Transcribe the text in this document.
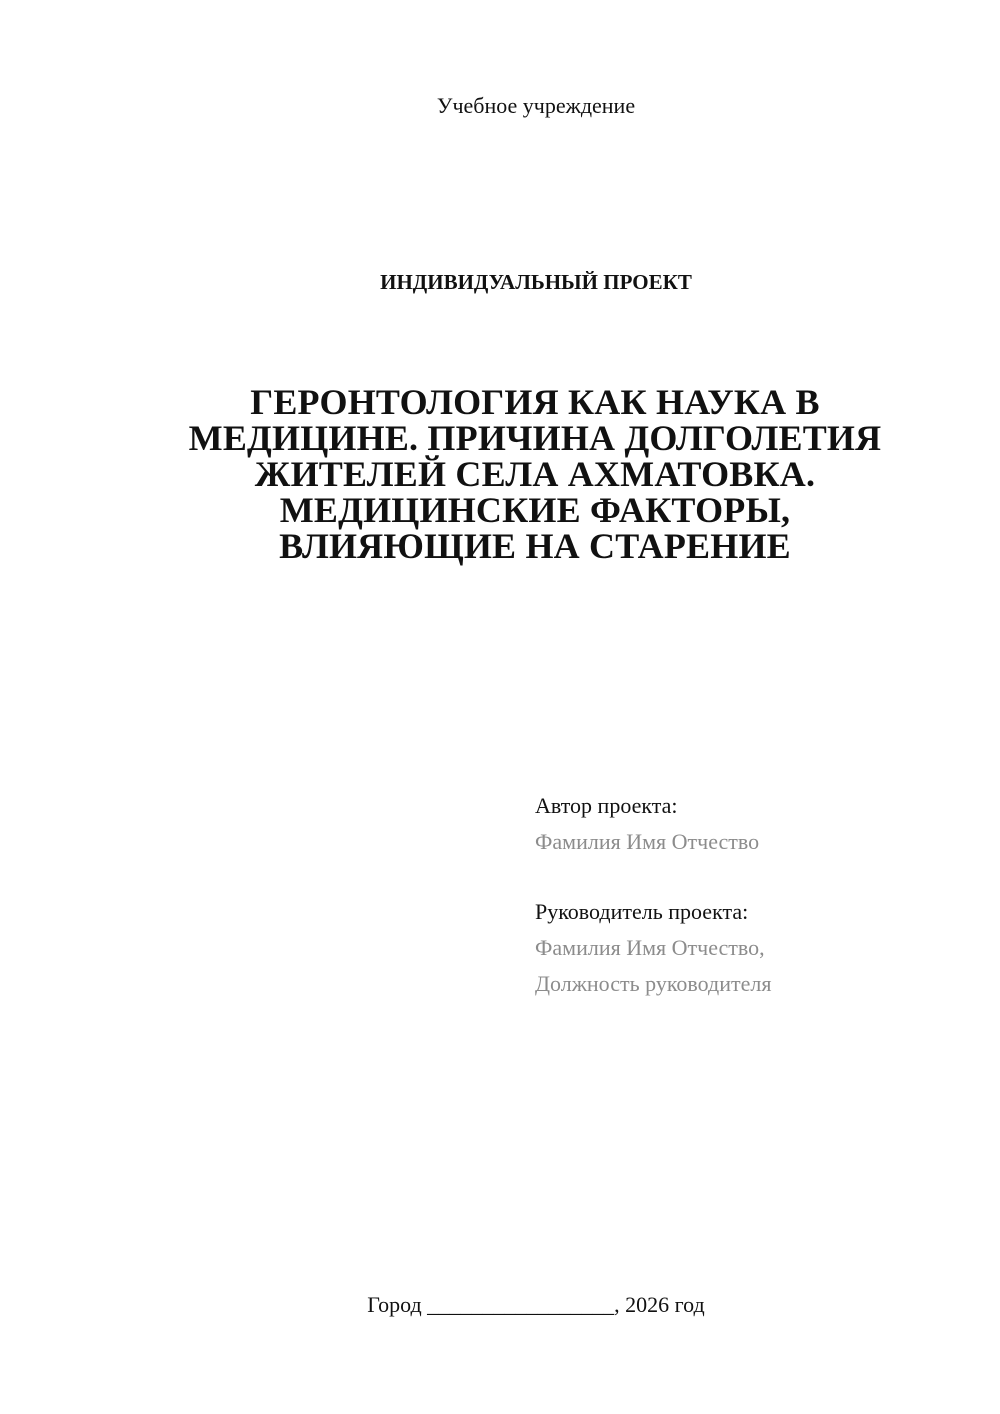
Учебное учреждение
ИНДИВИДУАЛЬНЫЙ ПРОЕКТ
ГЕРОНТОЛОГИЯ КАК НАУКА В
МЕДИЦИНЕ. ПРИЧИНА ДОЛГОЛЕТИЯ
ЖИТЕЛЕЙ СЕЛА АХМАТОВКА.
МЕДИЦИНСКИЕ ФАКТОРЫ,
ВЛИЯЮЩИЕ НА СТАРЕНИЕ
Автор проекта:
Фамилия Имя Отчество
Руководитель проекта:
Фамилия Имя Отчество,
Должность руководителя
Город _________________, 2026 год
